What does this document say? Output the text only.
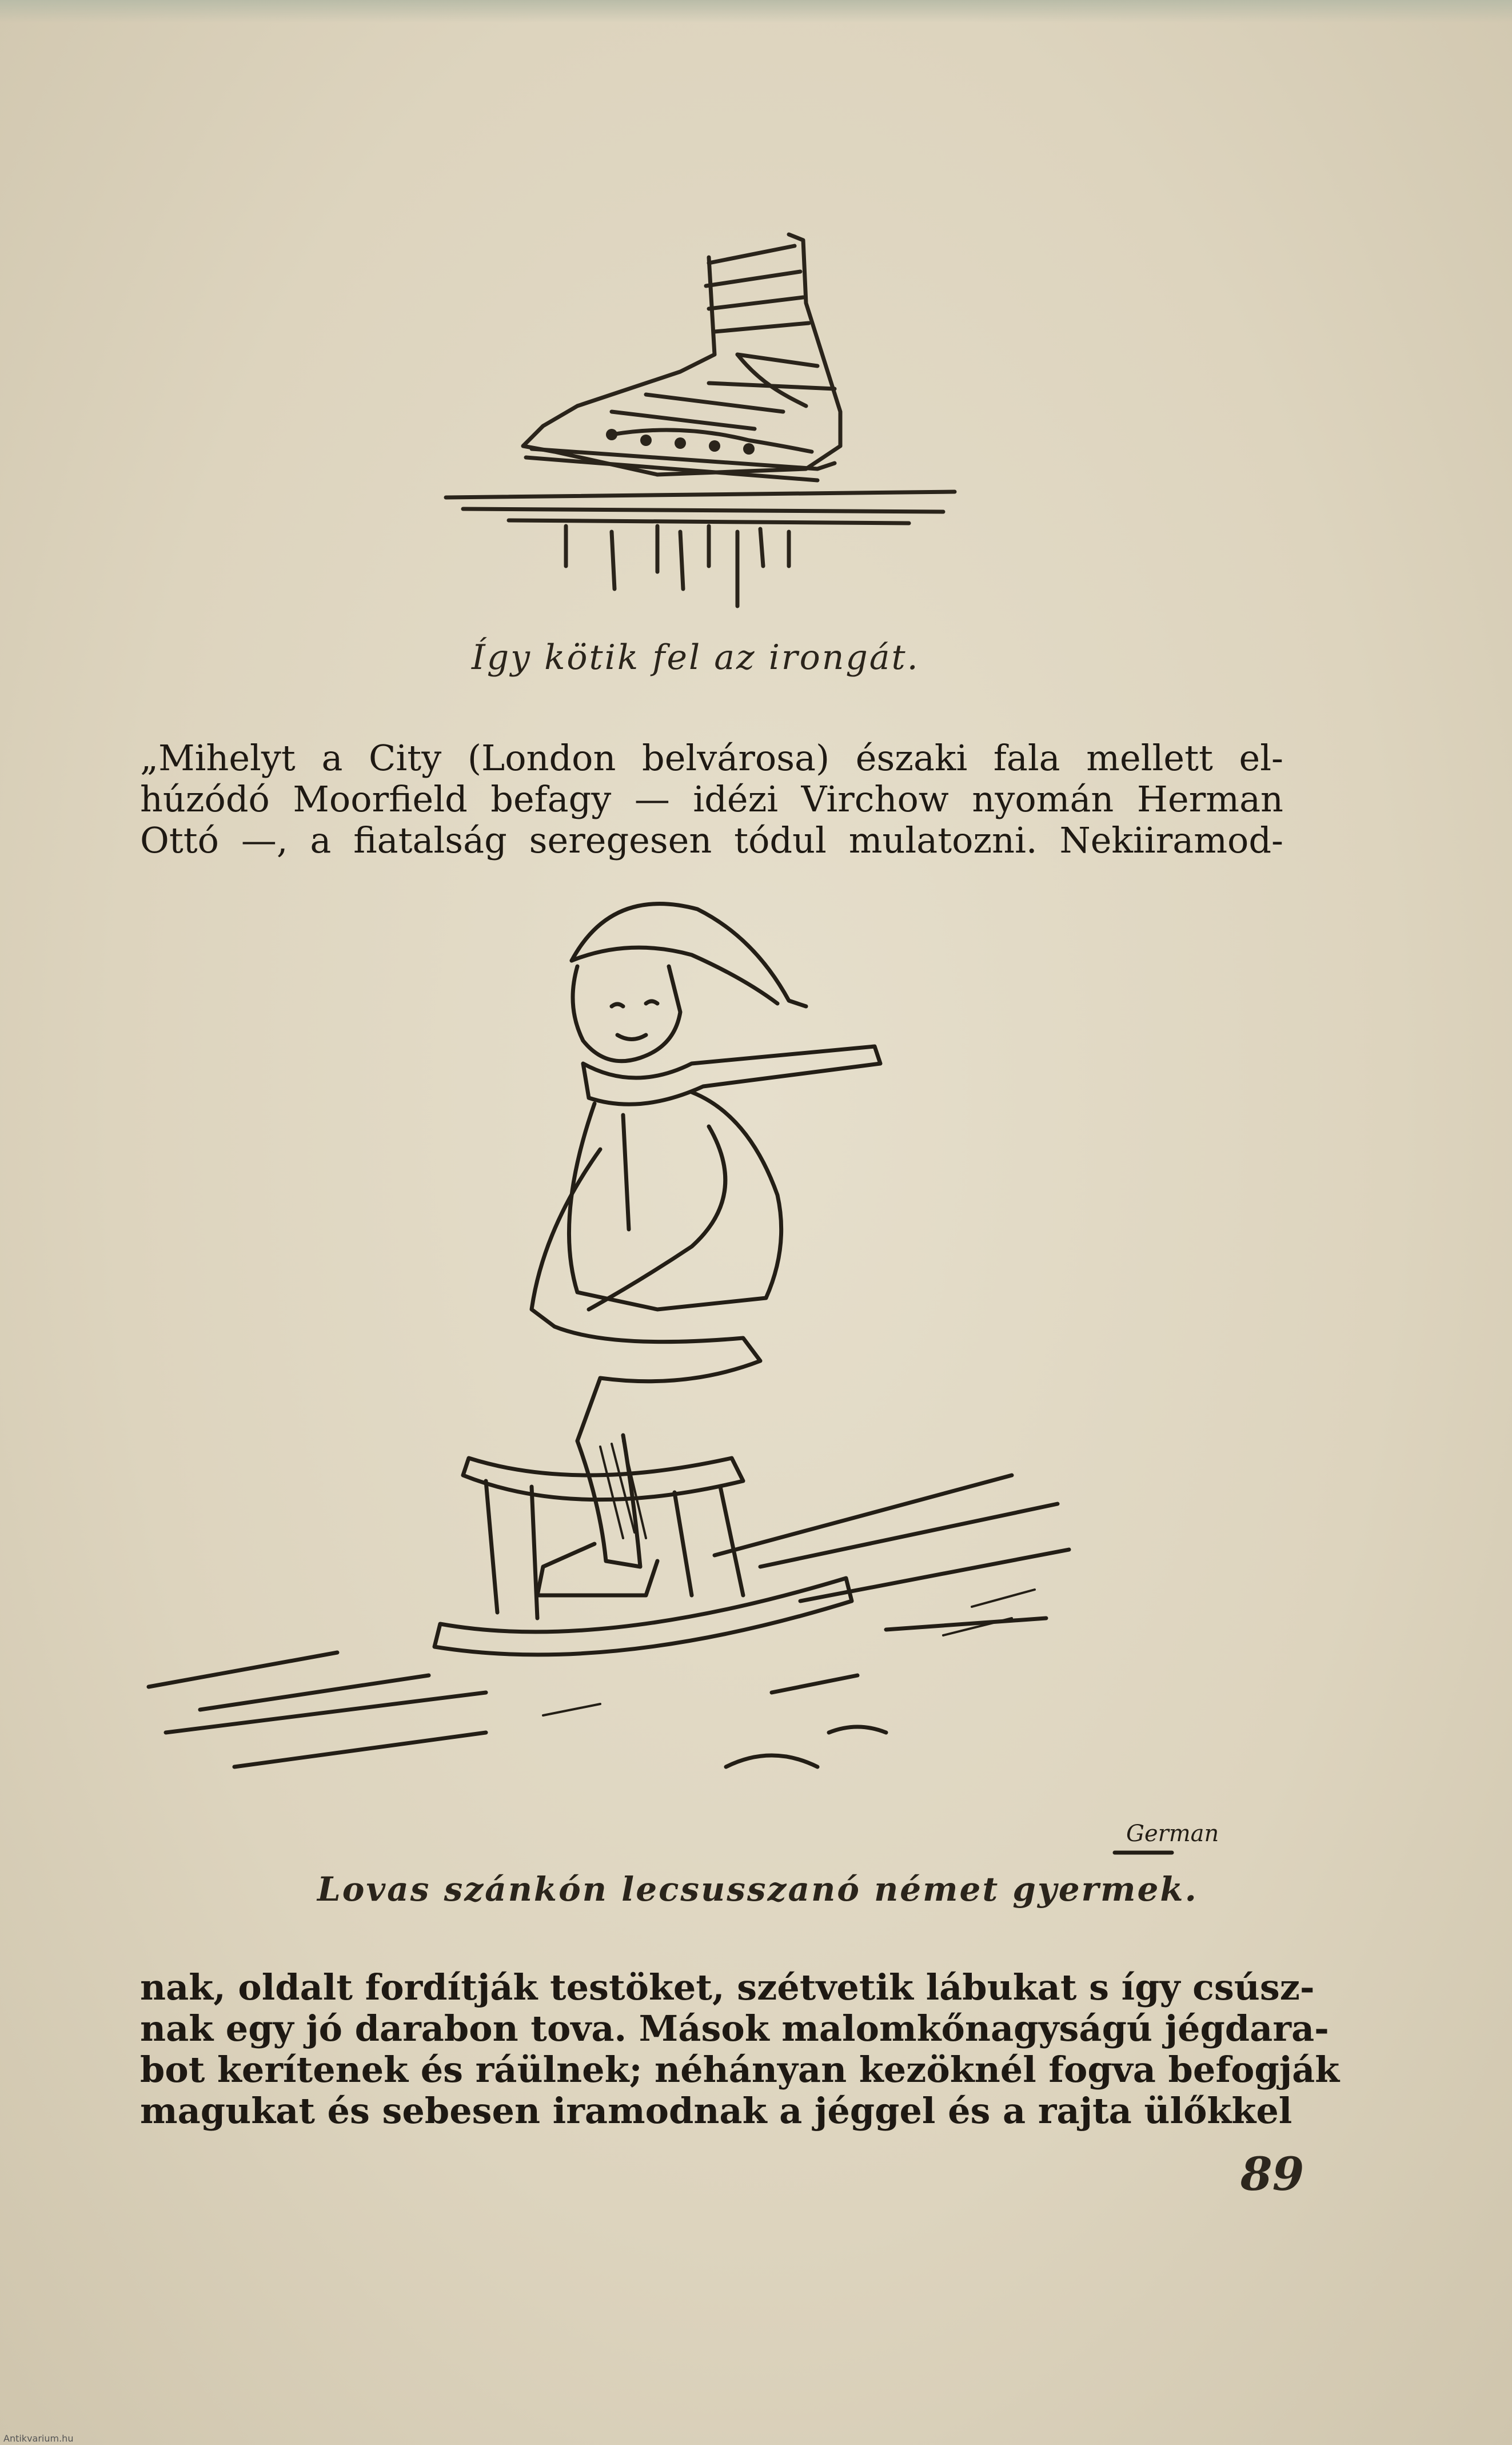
Így kötik fel az irongát.
„Mihelyt a City (London belvárosa) északi fala mellett el-
húzódó Moorfield befagy — idézi Virchow nyomán Herman
Ottó —, a fiatalság seregesen tódul mulatozni. Nekiiramod-
German
Lovas szánkón lecsusszanó német gyermek.
nak, oldalt fordítják testöket, szétvetik lábukat s így csúsz-
nak egy jó darabon tova. Mások malomkőnagyságú jégdara-
bot kerítenek és ráülnek; néhányan kezöknél fogva befogják
magukat és sebesen iramodnak a jéggel és a rajta ülőkkel
89
Antikvarium.hu
